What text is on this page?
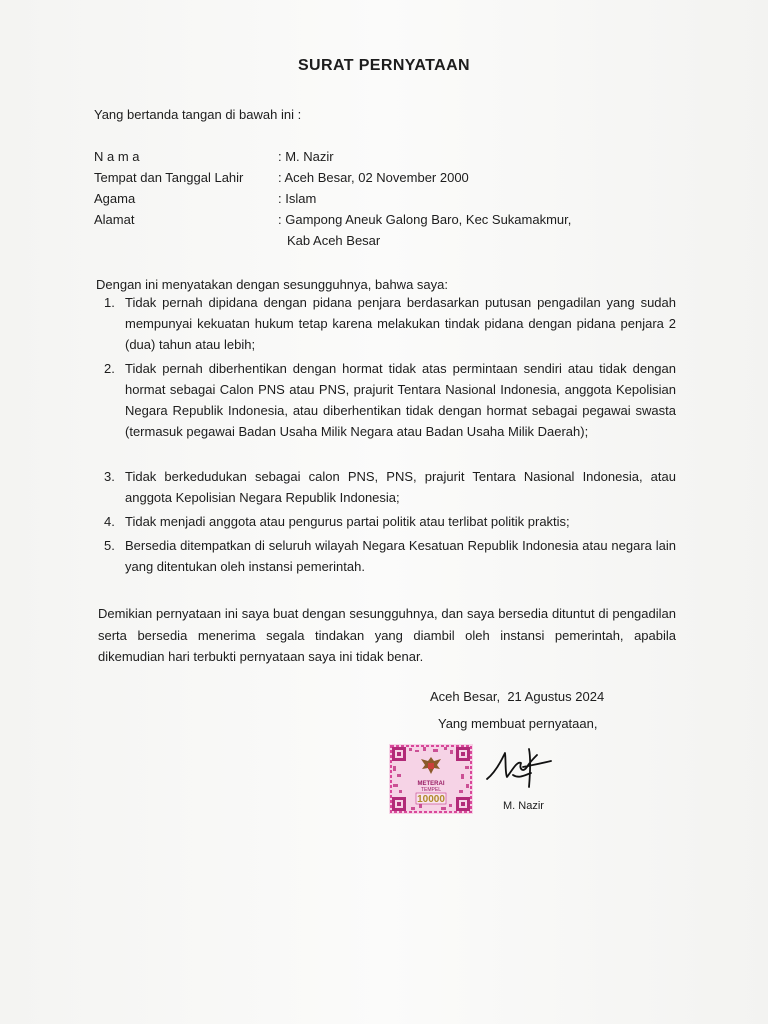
SURAT PERNYATAAN
Yang bertanda tangan di bawah ini :
N a m a	: M. Nazir
Tempat dan Tanggal Lahir	: Aceh Besar, 02 November 2000
Agama	: Islam
Alamat	: Gampong Aneuk Galong Baro, Kec Sukamakmur,
Kab Aceh Besar
Dengan ini menyatakan dengan sesungguhnya, bahwa saya:
1. Tidak pernah dipidana dengan pidana penjara berdasarkan putusan pengadilan yang sudah mempunyai kekuatan hukum tetap karena melakukan tindak pidana dengan pidana penjara 2 (dua) tahun atau lebih;
2. Tidak pernah diberhentikan dengan hormat tidak atas permintaan sendiri atau tidak dengan hormat sebagai Calon PNS atau PNS, prajurit Tentara Nasional Indonesia, anggota Kepolisian Negara Republik Indonesia, atau diberhentikan tidak dengan hormat sebagai pegawai swasta (termasuk pegawai Badan Usaha Milik Negara atau Badan Usaha Milik Daerah);
3. Tidak berkedudukan sebagai calon PNS, PNS, prajurit Tentara Nasional Indonesia, atau anggota Kepolisian Negara Republik Indonesia;
4. Tidak menjadi anggota atau pengurus partai politik atau terlibat politik praktis;
5. Bersedia ditempatkan di seluruh wilayah Negara Kesatuan Republik Indonesia atau negara lain yang ditentukan oleh instansi pemerintah.
Demikian pernyataan ini saya buat dengan sesungguhnya, dan saya bersedia dituntut di pengadilan serta bersedia menerima segala tindakan yang diambil oleh instansi pemerintah, apabila dikemudian hari terbukti pernyataan saya ini tidak benar.
Aceh Besar,  21 Agustus 2024
Yang membuat pernyataan,
METERAI
TEMPEL
10000
M. Nazir
